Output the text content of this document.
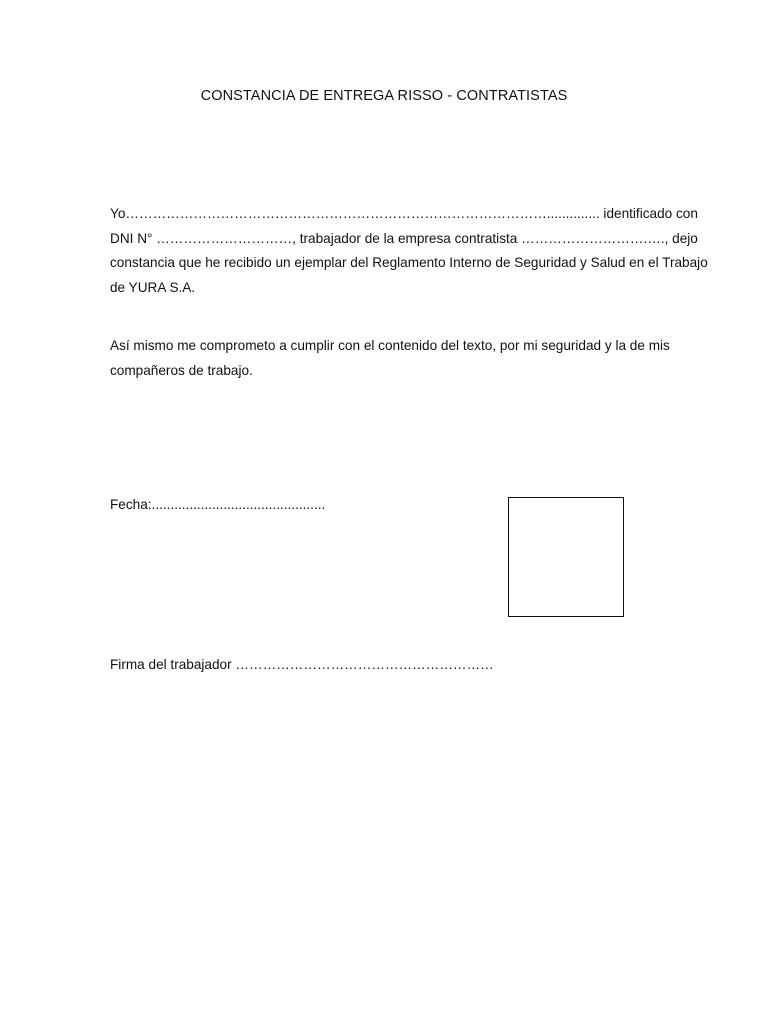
CONSTANCIA DE ENTREGA RISSO - CONTRATISTAS

Yo………………………………………………………………………………….............. identificado con
DNI N° …………………………, trabajador de la empresa contratista ……………………….…., dejo
constancia que he recibido un ejemplar del Reglamento Interno de Seguridad y Salud en el Trabajo
de YURA S.A.

Así mismo me comprometo a cumplir con el contenido del texto, por mi seguridad y la de mis
compañeros de trabajo.

Fecha:..............................................

Firma del trabajador …………………………………………………
